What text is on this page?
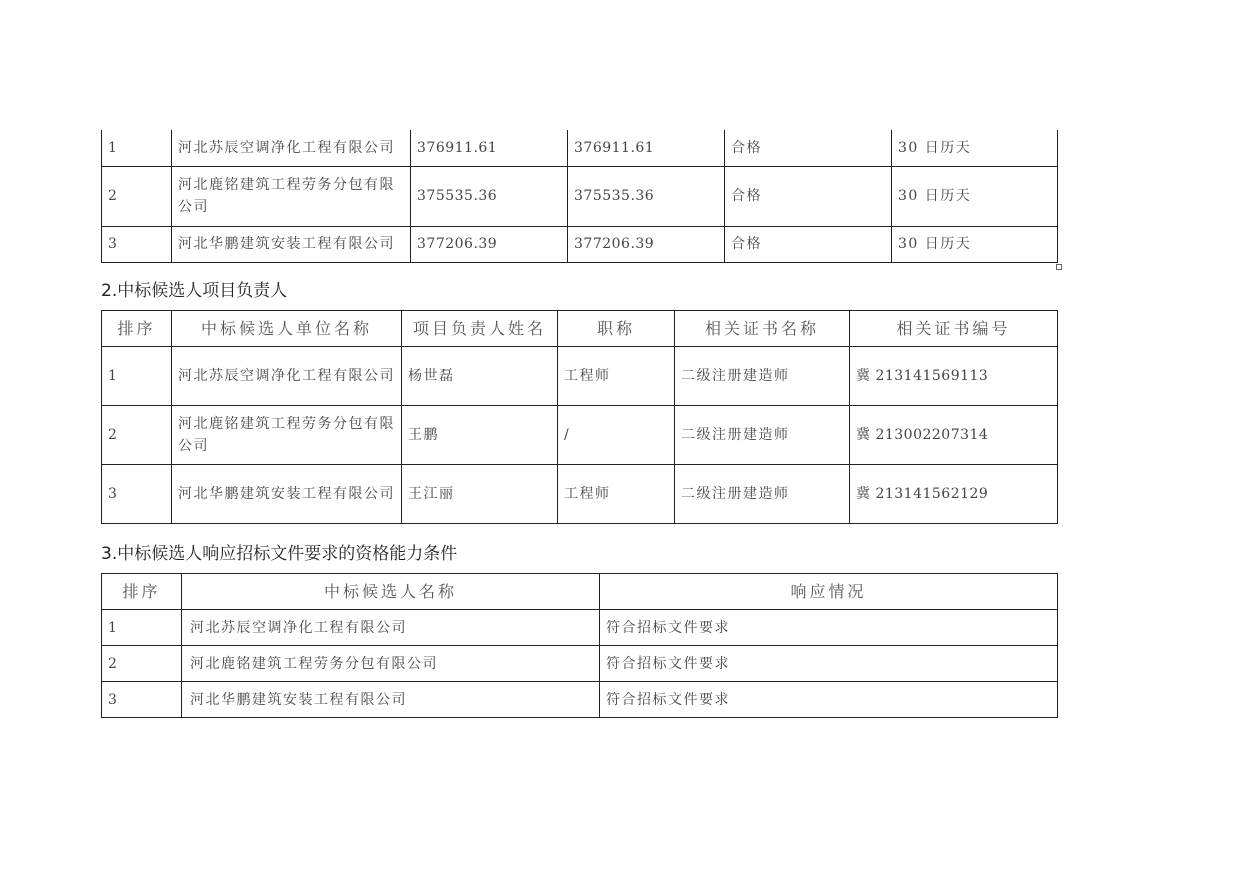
1	河北苏辰空调净化工程有限公司	376911.61	376911.61	合格	30 日历天
2	河北鹿铭建筑工程劳务分包有限公司	375535.36	375535.36	合格	30 日历天
3	河北华鹏建筑安装工程有限公司	377206.39	377206.39	合格	30 日历天
2.中标候选人项目负责人
排序	中标候选人单位名称	项目负责人姓名	职称	相关证书名称	相关证书编号
1	河北苏辰空调净化工程有限公司	杨世磊	工程师	二级注册建造师	冀 213141569113
2	河北鹿铭建筑工程劳务分包有限公司	王鹏	/	二级注册建造师	冀 213002207314
3	河北华鹏建筑安装工程有限公司	王江丽	工程师	二级注册建造师	冀 213141562129
3.中标候选人响应招标文件要求的资格能力条件
排序	中标候选人名称	响应情况
1	河北苏辰空调净化工程有限公司	符合招标文件要求
2	河北鹿铭建筑工程劳务分包有限公司	符合招标文件要求
3	河北华鹏建筑安装工程有限公司	符合招标文件要求
